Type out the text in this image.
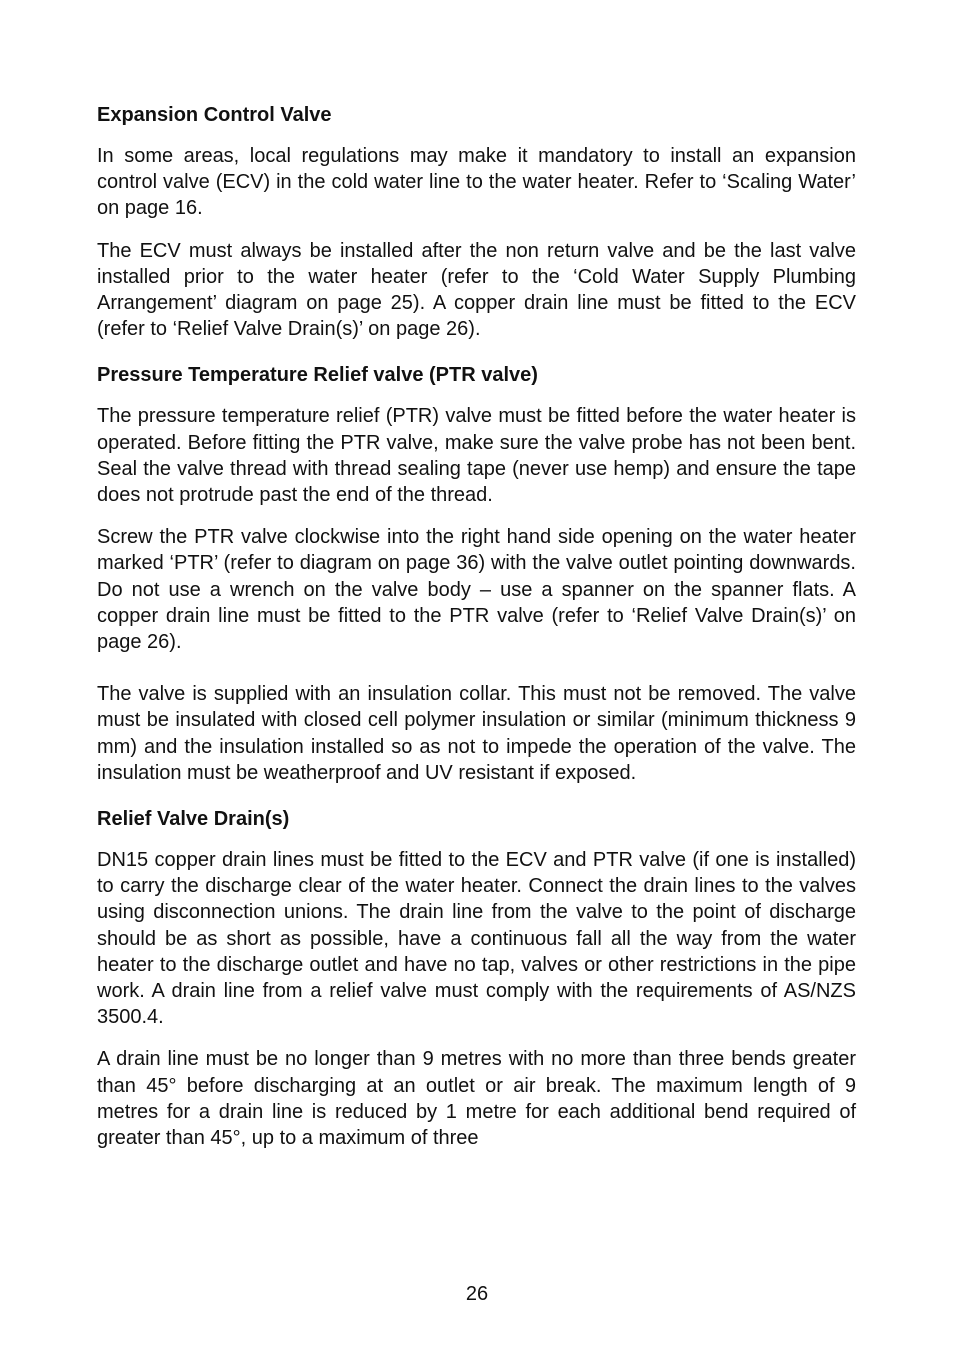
Expansion Control Valve

In some areas, local regulations may make it mandatory to install an expansion control valve (ECV) in the cold water line to the water heater. Refer to ‘Scaling Water’ on page 16.

The ECV must always be installed after the non return valve and be the last valve installed prior to the water heater (refer to the ‘Cold Water Supply Plumbing Arrangement’ diagram on page 25). A copper drain line must be fitted to the ECV (refer to ‘Relief Valve Drain(s)’ on page 26).

Pressure Temperature Relief valve (PTR valve)

The pressure temperature relief (PTR) valve must be fitted before the water heater is operated. Before fitting the PTR valve, make sure the valve probe has not been bent. Seal the valve thread with thread sealing tape (never use hemp) and ensure the tape does not protrude past the end of the thread.

Screw the PTR valve clockwise into the right hand side opening on the water heater marked ‘PTR’ (refer to diagram on page 36) with the valve outlet pointing downwards. Do not use a wrench on the valve body – use a spanner on the spanner flats. A copper drain line must be fitted to the PTR valve (refer to ‘Relief Valve Drain(s)’ on page 26).

The valve is supplied with an insulation collar. This must not be removed. The valve must be insulated with closed cell polymer insulation or similar (minimum thickness 9 mm) and the insulation installed so as not to impede the operation of the valve. The insulation must be weatherproof and UV resistant if exposed.

Relief Valve Drain(s)

DN15 copper drain lines must be fitted to the ECV and PTR valve (if one is installed) to carry the discharge clear of the water heater. Connect the drain lines to the valves using disconnection unions. The drain line from the valve to the point of discharge should be as short as possible, have a continuous fall all the way from the water heater to the discharge outlet and have no tap, valves or other restrictions in the pipe work. A drain line from a relief valve must comply with the requirements of AS/NZS 3500.4.

A drain line must be no longer than 9 metres with no more than three bends greater than 45° before discharging at an outlet or air break. The maximum length of 9 metres for a drain line is reduced by 1 metre for each additional bend required of greater than 45°, up to a maximum of three

26
